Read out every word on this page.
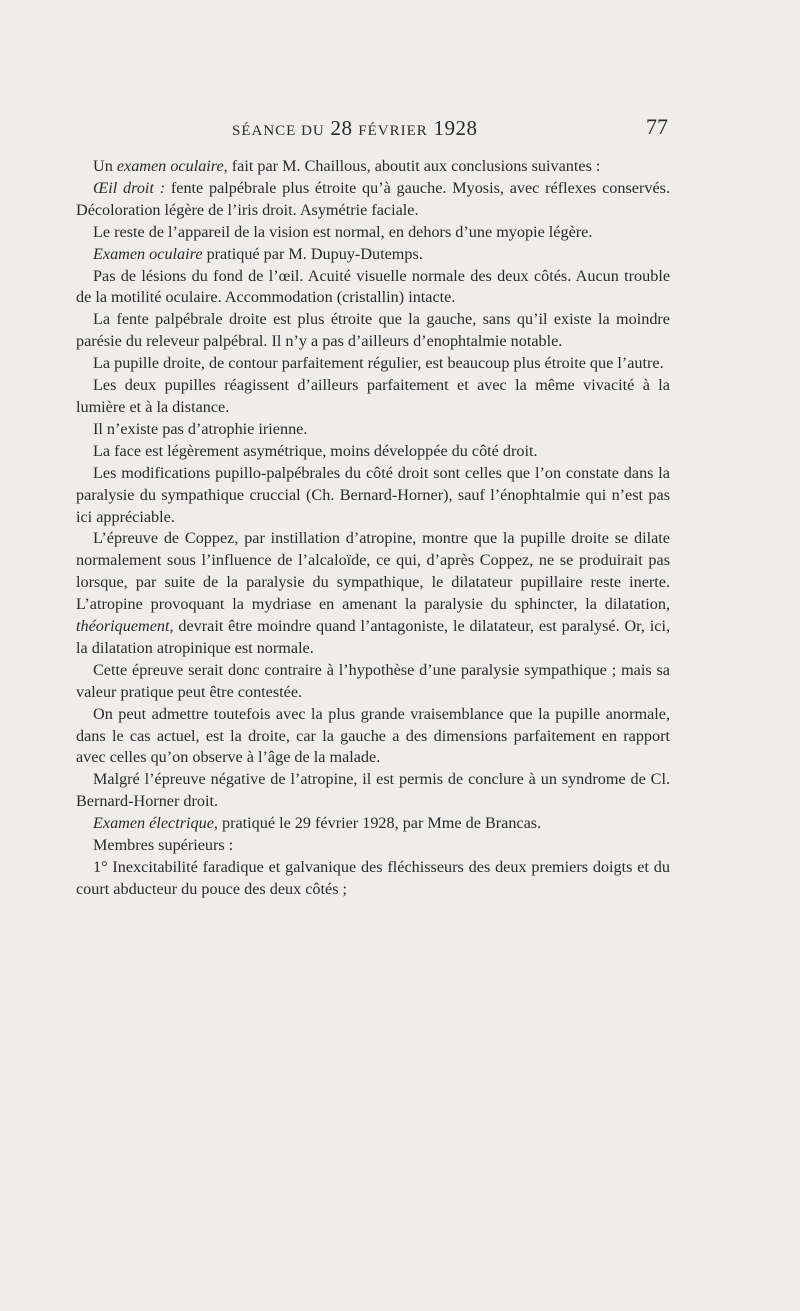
SÉANCE DU 28 FÉVRIER 1928	77

Un examen oculaire, fait par M. Chaillous, aboutit aux conclusions suivantes :

Œil droit : fente palpébrale plus étroite qu’à gauche. Myosis, avec réflexes conservés. Décoloration légère de l’iris droit. Asymétrie faciale.

Le reste de l’appareil de la vision est normal, en dehors d’une myopie légère.

Examen oculaire pratiqué par M. Dupuy-Dutemps.

Pas de lésions du fond de l’œil. Acuité visuelle normale des deux côtés. Aucun trouble de la motilité oculaire. Accommodation (cristallin) intacte.

La fente palpébrale droite est plus étroite que la gauche, sans qu’il existe la moindre parésie du releveur palpébral. Il n’y a pas d’ailleurs d’enophtalmie notable.

La pupille droite, de contour parfaitement régulier, est beaucoup plus étroite que l’autre.

Les deux pupilles réagissent d’ailleurs parfaitement et avec la même vivacité à la lumière et à la distance.

Il n’existe pas d’atrophie irienne.

La face est légèrement asymétrique, moins développée du côté droit.

Les modifications pupillo-palpébrales du côté droit sont celles que l’on constate dans la paralysie du sympathique cruccial (Ch. Bernard-Horner), sauf l’énophtalmie qui n’est pas ici appréciable.

L’épreuve de Coppez, par instillation d’atropine, montre que la pupille droite se dilate normalement sous l’influence de l’alcaloïde, ce qui, d’après Coppez, ne se produirait pas lorsque, par suite de la paralysie du sympathique, le dilatateur pupillaire reste inerte. L’atropine provoquant la mydriase en amenant la paralysie du sphincter, la dilatation, théoriquement, devrait être moindre quand l’antagoniste, le dilatateur, est paralysé. Or, ici, la dilatation atropinique est normale.

Cette épreuve serait donc contraire à l’hypothèse d’une paralysie sympathique ; mais sa valeur pratique peut être contestée.

On peut admettre toutefois avec la plus grande vraisemblance que la pupille anormale, dans le cas actuel, est la droite, car la gauche a des dimensions parfaitement en rapport avec celles qu’on observe à l’âge de la malade.

Malgré l’épreuve négative de l’atropine, il est permis de conclure à un syndrome de Cl. Bernard-Horner droit.

Examen électrique, pratiqué le 29 février 1928, par Mme de Brancas.

Membres supérieurs :

1° Inexcitabilité faradique et galvanique des fléchisseurs des deux premiers doigts et du court abducteur du pouce des deux côtés ;
